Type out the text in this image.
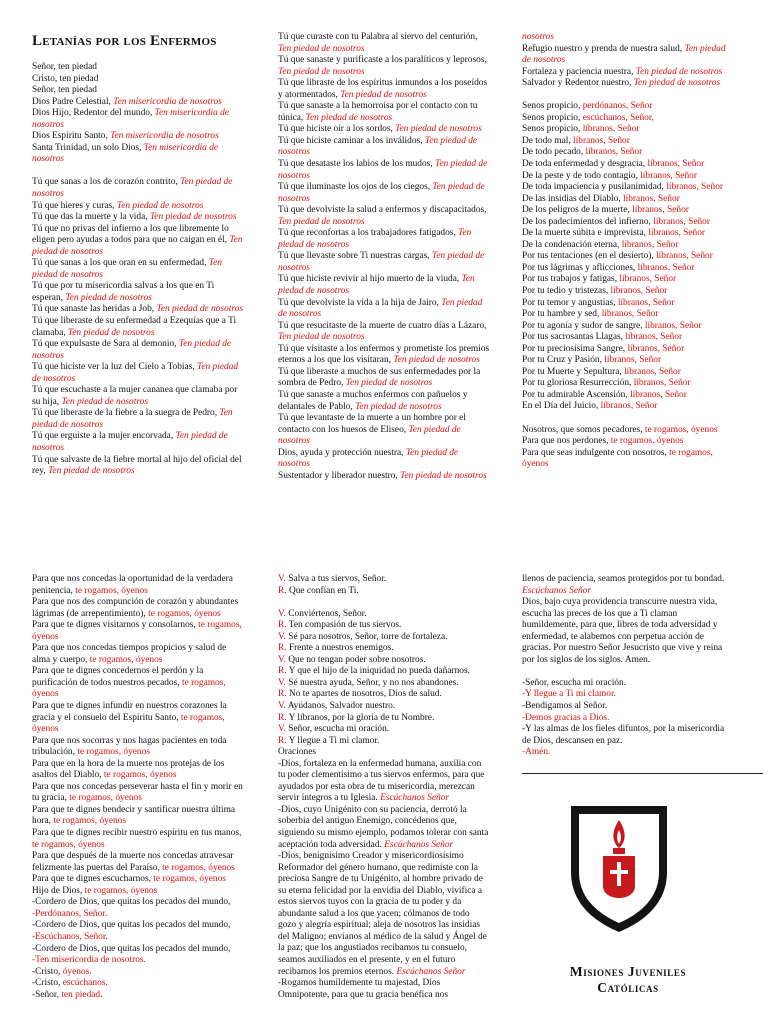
Letanías por los Enfermos
Señor, ten piedad
Cristo, ten piedad
Señor, ten piedad
Dios Padre Celestial, Ten misericordia de nosotros
Dios Hijo, Redentor del mundo, Ten misericordia de nosotros
Dios Espíritu Santo, Ten misericordia de nosotros
Santa Trinidad, un solo Dios, Ten misericordia de nosotros
Tú que sanas a los de corazón contrito, Ten piedad de nosotros
Tú que hieres y curas, Ten piedad de nosotros
Tú que das la muerte y la vida, Ten piedad de nosotros
Tú que no privas del infierno a los que libremente lo eligen pero ayudas a todos para que no caigan en él, Ten piedad de nosotros
Tú que sanas a los que oran en su enfermedad, Ten piedad de nosotros
Tú que por tu misericordia salvas a los que en Ti esperan, Ten piedad de nosotros
Tú que sanaste las heridas a Job, Ten piedad de nosotros
Tú que liberaste de su enfermedad a Ezequías que a Ti clamaba, Ten piedad de nosotros
Tú que expulsaste de Sara al demonio, Ten piedad de nosotros
Tú que hiciste ver la luz del Cielo a Tobías, Ten piedad de nosotros
Tú que escuchaste a la mujer cananea que clamaba por su hija, Ten piedad de nosotros
Tú que liberaste de la fiebre a la suegra de Pedro, Ten piedad de nosotros
Tú que erguiste a la mujer encorvada, Ten piedad de nosotros
Tú que salvaste de la fiebre mortal al hijo del oficial del rey, Ten piedad de nosotros
Tú que curaste con tu Palabra al siervo del centurión, Ten piedad de nosotros
Tú que sanaste y purificaste a los paralíticos y leprosos, Ten piedad de nosotros
Tú que libraste de los espíritus inmundos a los poseídos y atormentados, Ten piedad de nosotros
Tú que sanaste a la hemorroísa por el contacto con tu túnica, Ten piedad de nosotros
Tú que hiciste oír a los sordos, Ten piedad de nosotros
Tú que hiciste caminar a los inválidos, Ten piedad de nosotros
Tú que desataste los labios de los mudos, Ten piedad de nosotros
Tú que iluminaste los ojos de los ciegos, Ten piedad de nosotros
Tú que devolviste la salud a enfermos y discapacitados, Ten piedad de nosotros
Tú que reconfortas a los trabajadores fatigados, Ten piedad de nosotros
Tú que llevaste sobre Ti nuestras cargas, Ten piedad de nosotros
Tú que hiciste revivir al hijo muerto de la viuda, Ten piedad de nosotros
Tú que devolviste la vida a la hija de Jairo, Ten piedad de nosotros
Tú que resucitaste de la muerte de cuatro días a Lázaro, Ten piedad de nosotros
Tú que visitaste a los enfermos y prometiste los premios eternos a los que los visitaran, Ten piedad de nosotros
Tú que liberaste a muchos de sus enfermedades por la sombra de Pedro, Ten piedad de nosotros
Tú que sanaste a muchos enfermos con pañuelos y delantales de Pablo, Ten piedad de nosotros
Tú que levantaste de la muerte a un hombre por el contacto con los huesos de Eliseo, Ten piedad de nosotros
Dios, ayuda y protección nuestra, Ten piedad de nosotros
Sustentador y liberador nuestro, Ten piedad de nosotros
nosotros
Refugio nuestro y prenda de nuestra salud, Ten piedad de nosotros
Fortaleza y paciencia nuestra, Ten piedad de nosotros
Salvador y Redentor nuestro, Ten piedad de nosotros
Senos propicio, perdónanos, Señor
Senos propicio, escúchanos, Señor,
Senos propicio, líbranos, Señor
De todo mal, líbranos, Señor
De todo pecado, líbranos, Señor
De toda enfermedad y desgracia, líbranos, Señor
De la peste y de todo contagio, líbranos, Señor
De toda impaciencia y pusilanimidad, líbranos, Señor
De las insidias del Diablo, líbranos, Señor
De los peligros de la muerte, líbranos, Señor
De los padecimientos del infierno, líbranos, Señor
De la muerte súbita e imprevista, líbranos, Señor
De la condenación eterna, líbranos, Señor
Por tus tentaciones (en el desierto), líbranos, Señor
Por tus lágrimas y aflicciones, líbranos, Señor
Por tus trabajos y fatigas, líbranos, Señor
Por tu tedio y tristezas, líbranos, Señor
Por tu temor y angustias, líbranos, Señor
Por tu hambre y sed, líbranos, Señor
Por tu agonía y sudor de sangre, líbranos, Señor
Por tus sacrosantas Llagas, líbranos, Señor
Por tu preciosísima Sangre, líbranos, Señor
Por tu Cruz y Pasión, líbranos, Señor
Por tu Muerte y Sepultura, líbranos, Señor
Por tu gloriosa Resurrección, líbranos, Señor
Por tu admirable Ascensión, líbranos, Señor
En el Día del Juicio, líbranos, Señor
Nosotros, que somos pecadores, te rogamos, óyenos
Para que nos perdones, te rogamos, óyenos
Para que seas indulgente con nosotros, te rogamos, óyenos
Para que nos concedas la oportunidad de la verdadera penitencia, te rogamos, óyenos
Para que nos des compunción de corazón y abundantes lágrimas (de arrepentimiento), te rogamos, óyenos
Para que te dignes visitarnos y consolarnos, te rogamos, óyenos
Para que nos concedas tiempos propicios y salud de alma y cuerpo, te rogamos, óyenos
Para que te dignes concedernos el perdón y la purificación de todos nuestros pecados, te rogamos, óyenos
Para que te dignes infundir en nuestros corazones la gracia y el consuelo del Espíritu Santo, te rogamos, óyenos
Para que nos socorras y nos hagas pacientes en toda tribulación, te rogamos, óyenos
Para que en la hora de la muerte nos protejas de los asaltos del Diablo, te rogamos, óyenos
Para que nos concedas perseverar hasta el fin y morir en tu gracia, te rogamos, óyenos
Para que te dignes bendecir y santificar nuestra última hora, te rogamos, óyenos
Para que te dignes recibir nuestro espíritu en tus manos, te rogamos, óyenos
Para que después de la muerte nos concedas atravesar felizmente las puertas del Paraíso, te rogamos, óyenos
Para que te dignes escucharnos, te rogamos, óyenos
Hijo de Dios, te rogamos, óyenos
-Cordero de Dios, que quitas los pecados del mundo,
-Perdónanos, Señor.
-Cordero de Dios, que quitas los pecados del mundo,
-Escúchanos, Señor.
-Cordero de Dios, que quitas los pecados del mundo,
-Ten misericordia de nosotros.
-Cristo, óyenos.
-Cristo, escúchanos.
-Señor, ten piedad.
V. Salva a tus siervos, Señor.
R. Que confían en Ti.
V. Conviértenos, Señor.
R. Ten compasión de tus siervos.
V. Sé para nosotros, Señor, torre de fortaleza.
R. Frente a nuestros enemigos.
V. Que no tengan poder sobre nosotros.
R. Y que el hijo de la iniquidad no pueda dañarnos.
V. Sé nuestra ayuda, Señor, y no nos abandones.
R. No te apartes de nosotros, Dios de salud.
V. Ayúdanos, Salvador nuestro.
R. Y líbranos, por la gloria de tu Nombre.
V. Señor, escucha mi oración.
R. Y llegue a Ti mi clamor.
Oraciones
-Dios, fortaleza en la enfermedad humana, auxilia con tu poder clementísimo a tus siervos enfermos, para que ayudados por esta obra de tu misericordia, merezcan servir íntegros a tu Iglesia. Escúchanos Señor
-Dios, cuyo Unigénito con su paciencia, derrotó la soberbia del antiguo Enemigo, concédenos que, siguiendo su mismo ejemplo, podamos tolerar con santa aceptación toda adversidad. Escúchanos Señor
-Dios, benignísimo Creador y misericordiosísimo Reformador del género humano, que redimiste con la preciosa Sangre de tu Unigénito, al hombre privado de su eterna felicidad por la envidia del Diablo, vivifica a estos siervos tuyos con la gracia de tu poder y da abundante salud a los que yacen; cólmanos de todo gozo y alegría espiritual; aleja de nosotros las insidias del Maligno; envíanos al médico de la salud y Ángel de la paz; que los angustiados recibamos tu consuelo, seamos auxiliados en el presente, y en el futuro recibamos los premios eternos. Escúchanos Señor
-Rogamos humildemente tu majestad, Dios Omnipotente, para que tu gracia benéfica nos
llenos de paciencia, seamos protegidos por tu bondad. Escúchanos Señor
Dios, bajo cuya providencia transcurre nuestra vida, escucha las preces de los que a Ti claman humildemente, para que, libres de toda adversidad y enfermedad, te alabemos con perpetua acción de gracias. Por nuestro Señor Jesucristo que vive y reina por los siglos de los siglos. Amen.
-Señor, escucha mi oración.
-Y llegue a Ti mi clamor.
-Bendigamos al Señor.
-Demos gracias a Dios.
-Y las almas de los fieles difuntos, por la misericordia de Dios, descansen en paz.
-Amén.
Misiones Juveniles
Católicas
